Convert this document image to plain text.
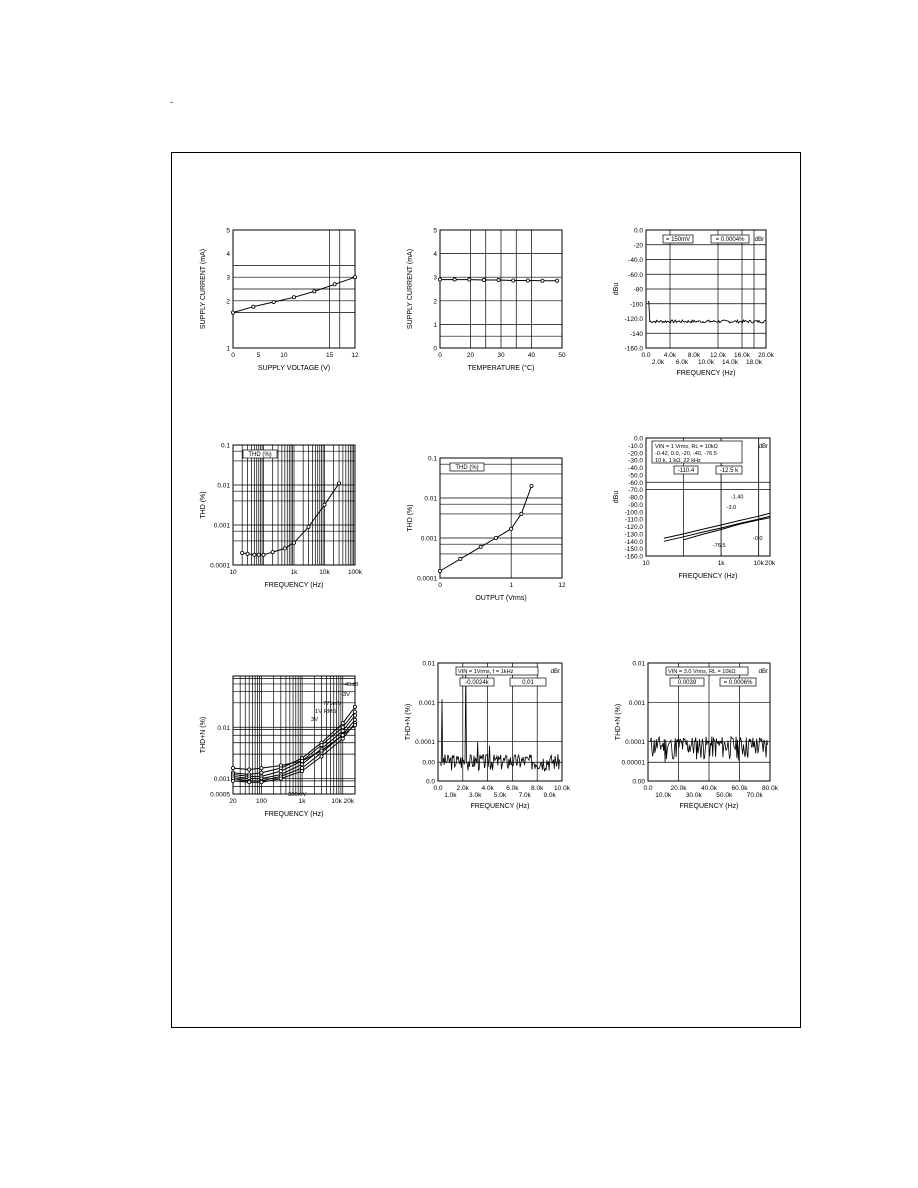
-
0	5	10	15	12
1
2
3
4
5
SUPPLY VOLTAGE (V)
SUPPLY CURRENT (mA)
0	20	30	40	50
0
1
2
3
4
5
TEMPERATURE (°C)
SUPPLY CURRENT (mA)
0.0 4.0k 8.0k 12.0k 16.0k 20.0k
2.0k 6.0k 10.0k 14.0k 18.0k
0.0
-20
-40.0
-60.0
-80
-100
-120.0
-140
-160.0
FREQUENCY (Hz)
dBu
= 150mV	= 0.0004% dBr
10	1k	10k	100k
0.1
0.01
0.001
0.0001
FREQUENCY (Hz)
THD (%)
THD (%)
0	1	12
0.1
0.01
0.001
0.0001
OUTPUT (Vrms)
THD (%)
THD (%)
10	1k	10k 20k
0.0
-10.0
-20.0
-30.0
-40.0
-50.0
-60.0
-70.0
-80.0
-90.0
-100.0
-110.0
-120.0
-130.0
-140.0
-150.0
-160.0
FREQUENCY (Hz)
dBu
VIN = 1 Vrms, RL = 10kΩ
-0.42, 0.0, -20, -40, -76.5
10 k, 1 kΩ, 22 kHz
dBr
-110.4	-12.5 k
-1.40
-3.0
-76.5
-0.0
20	100	1k	10k 20k
0.01
0.001
0.0005
FREQUENCY (Hz)
THD+N (%)
-40dB
-3V
775mV
1V RMS
3V
300mV
0.0 2.0k 4.0k 6.0k 8.0k 10.0k
1.0k 3.0k 5.0k 7.0k 9.0k
0.01
0.001
0.0001
0.00
0.0
FREQUENCY (Hz)
THD+N (%)
VIN = 1Vrms, f = 1kHz	dBr
-0.0024k	0.01
0.0	20.0k 40.0k 60.0k 80.0k
10.0k 30.0k 50.0k 70.0k
0.01
0.001
0.0001
0.00001
0.00
FREQUENCY (Hz)
THD+N (%)
VIN = 3.0 Vrms, RL = 10kΩ	dBr
0.0039	= 0.0006%
